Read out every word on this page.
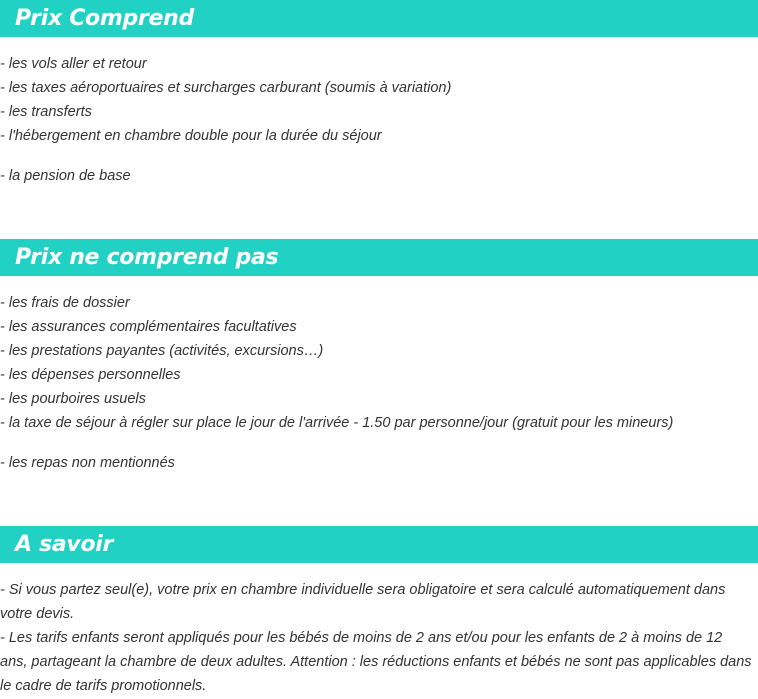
Prix Comprend
- les vols aller et retour
- les taxes aéroportuaires et surcharges carburant (soumis à variation)
- les transferts
- l'hébergement en chambre double pour la durée du séjour
- la pension de base
Prix ne comprend pas
- les frais de dossier
- les assurances complémentaires facultatives
- les prestations payantes (activités, excursions…)
- les dépenses personnelles
- les pourboires usuels
- la taxe de séjour à régler sur place le jour de l'arrivée - 1.50 par personne/jour (gratuit pour les mineurs)
- les repas non mentionnés
A savoir
- Si vous partez seul(e), votre prix en chambre individuelle sera obligatoire et sera calculé automatiquement dans votre devis.
- Les tarifs enfants seront appliqués pour les bébés de moins de 2 ans et/ou pour les enfants de 2 à moins de 12 ans, partageant la chambre de deux adultes. Attention : les réductions enfants et bébés ne sont pas applicables dans le cadre de tarifs promotionnels.
